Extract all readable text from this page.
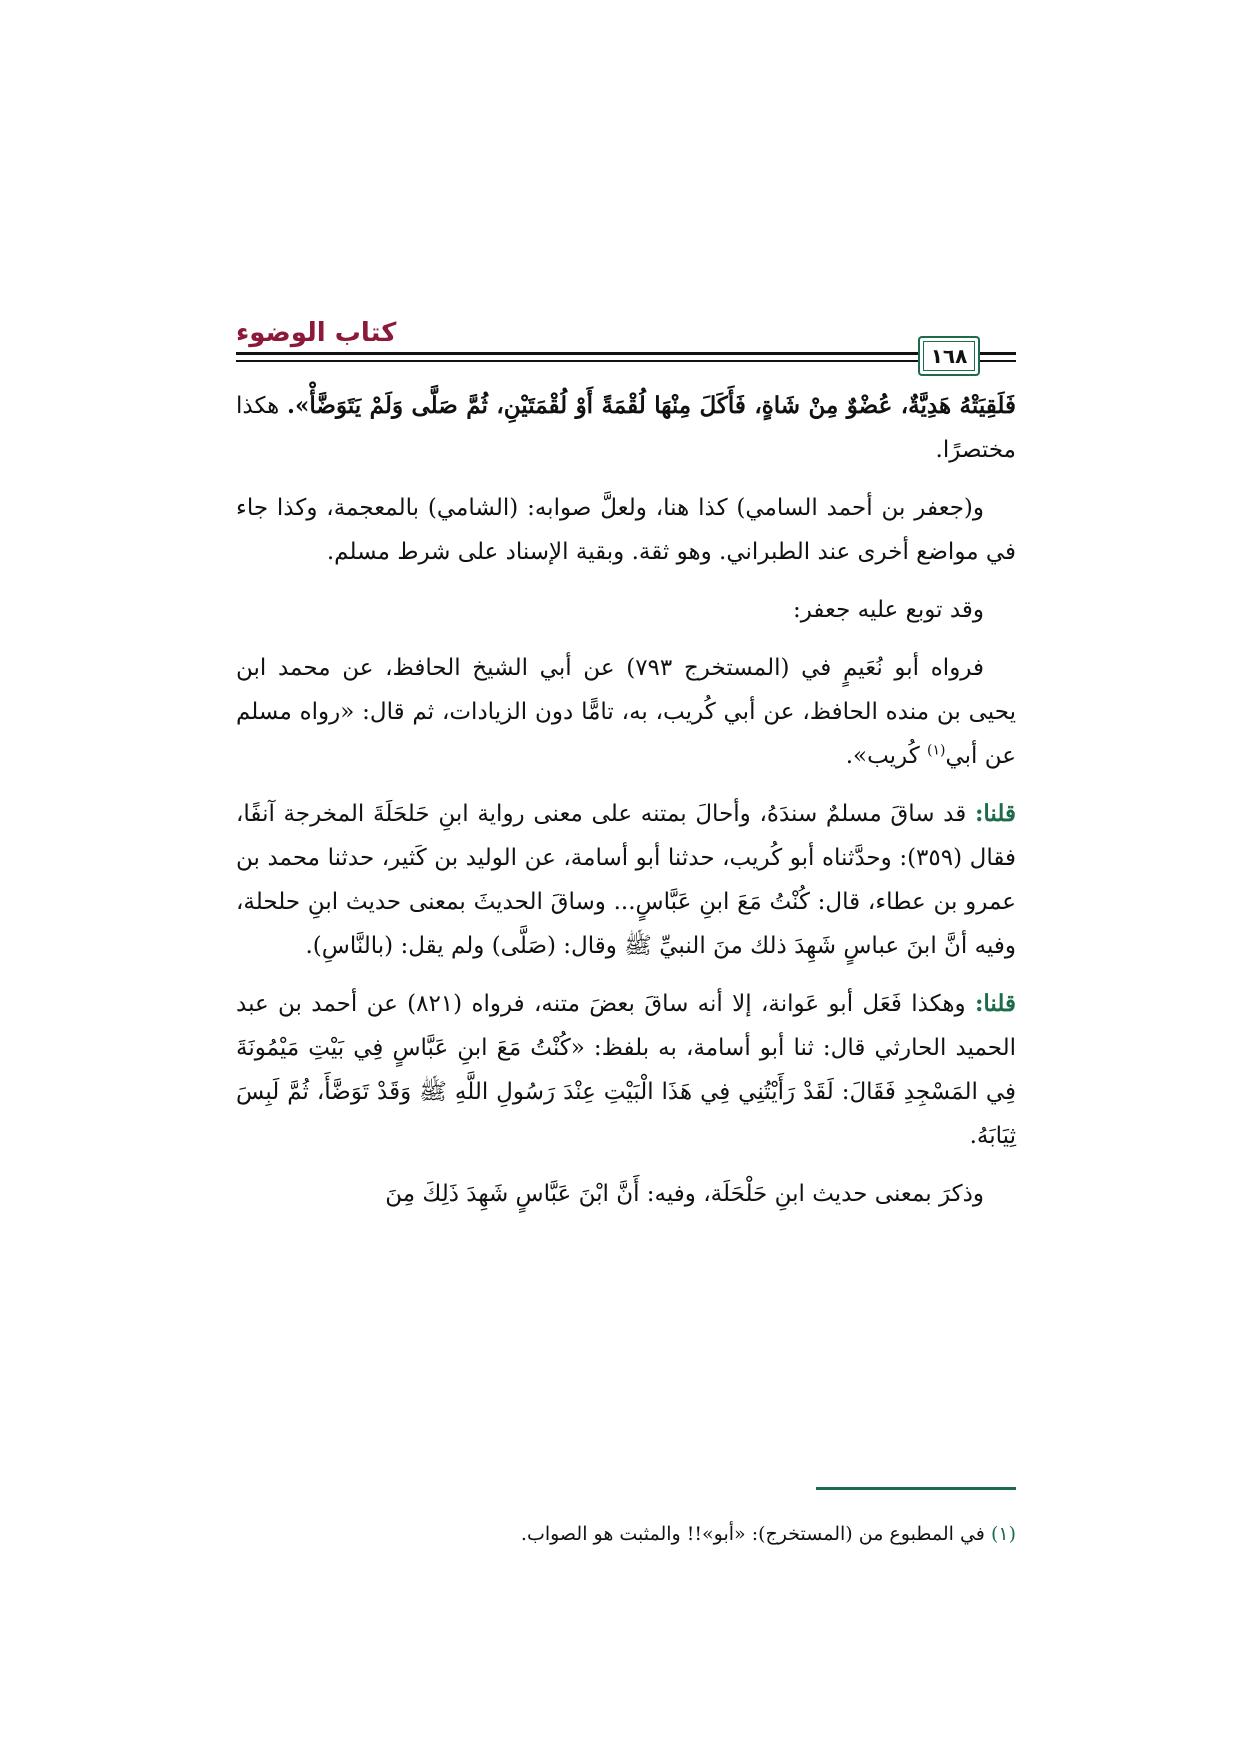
كتاب الوضوء
١٦٨

فَلَقِيَتْهُ هَدِيَّةٌ، عُضْوٌ مِنْ شَاةٍ، فَأَكَلَ مِنْهَا لُقْمَةً أَوْ لُقْمَتَيْنِ، ثُمَّ صَلَّى وَلَمْ يَتَوَضَّأْ». هكذا مختصرًا.

و(جعفر بن أحمد السامي) كذا هنا، ولعلَّ صوابه: (الشامي) بالمعجمة، وكذا جاء في مواضع أخرى عند الطبراني. وهو ثقة. وبقية الإسناد على شرط مسلم.

وقد توبع عليه جعفر:

فرواه أبو نُعَيمٍ في (المستخرج ٧٩٣) عن أبي الشيخ الحافظ، عن محمد ابن يحيى بن منده الحافظ، عن أبي كُريب، به، تامًّا دون الزيادات، ثم قال: «رواه مسلم عن أبي$^{(١)}$ كُريب».

قلنا: قد ساقَ مسلمٌ سندَهُ، وأحالَ بمتنه على معنى رواية ابنِ حَلحَلَةَ المخرجة آنفًا، فقال (٣٥٩): وحدَّثناه أبو كُريب، حدثنا أبو أسامة، عن الوليد بن كَثير، حدثنا محمد بن عمرو بن عطاء، قال: كُنْتُ مَعَ ابنِ عَبَّاسٍ... وساقَ الحديثَ بمعنى حديث ابنِ حلحلة، وفيه أنَّ ابنَ عباسٍ شَهِدَ ذلك منَ النبيِّ ﷺ وقال: (صَلَّى) ولم يقل: (بالنَّاسِ).

قلنا: وهكذا فَعَل أبو عَوانة، إلا أنه ساقَ بعضَ متنه، فرواه (٨٢١) عن أحمد بن عبد الحميد الحارثي قال: ثنا أبو أسامة، به بلفظ: «كُنْتُ مَعَ ابنِ عَبَّاسٍ فِي بَيْتِ مَيْمُونَةَ فِي المَسْجِدِ فَقَالَ: لَقَدْ رَأَيْتُنِي فِي هَذَا الْبَيْتِ عِنْدَ رَسُولِ اللَّهِ ﷺ وَقَدْ تَوَضَّأَ، ثُمَّ لَبِسَ ثِيَابَهُ.

وذكرَ بمعنى حديث ابنِ حَلْحَلَة، وفيه: أَنَّ ابْنَ عَبَّاسٍ شَهِدَ ذَلِكَ مِنَ

(١) في المطبوع من (المستخرج): «أبو»!! والمثبت هو الصواب.
